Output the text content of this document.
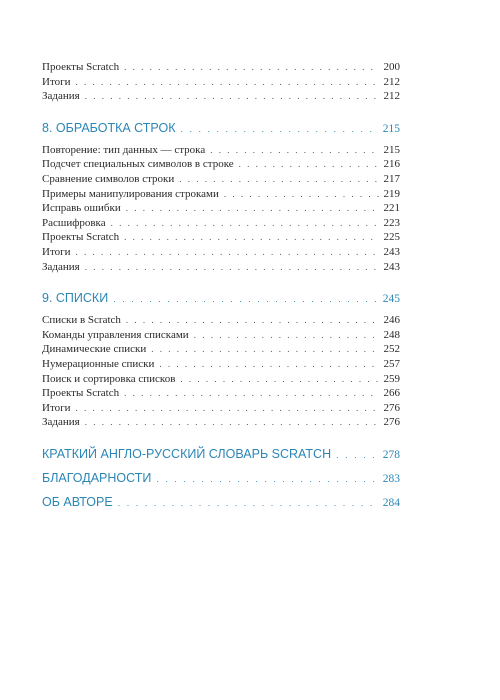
Проекты Scratch . . .	200
Итоги . . .	212
Задания . . .	212
8. ОБРАБОТКА СТРОК . . .	215
Повторение: тип данных — строка . . .	215
Подсчет специальных символов в строке . . .	216
Сравнение символов строки . . .	217
Примеры манипулирования строками . . .	219
Исправь ошибки . . .	221
Расшифровка . . .	223
Проекты Scratch . . .	225
Итоги . . .	243
Задания . . .	243
9. СПИСКИ . . .	245
Списки в Scratch . . .	246
Команды управления списками . . .	248
Динамические списки . . .	252
Нумерационные списки . . .	257
Поиск и сортировка списков . . .	259
Проекты Scratch . . .	266
Итоги . . .	276
Задания . . .	276
КРАТКИЙ АНГЛО-РУССКИЙ СЛОВАРЬ SCRATCH . . .	278
БЛАГОДАРНОСТИ . . .	283
ОБ АВТОРЕ . . .	284
